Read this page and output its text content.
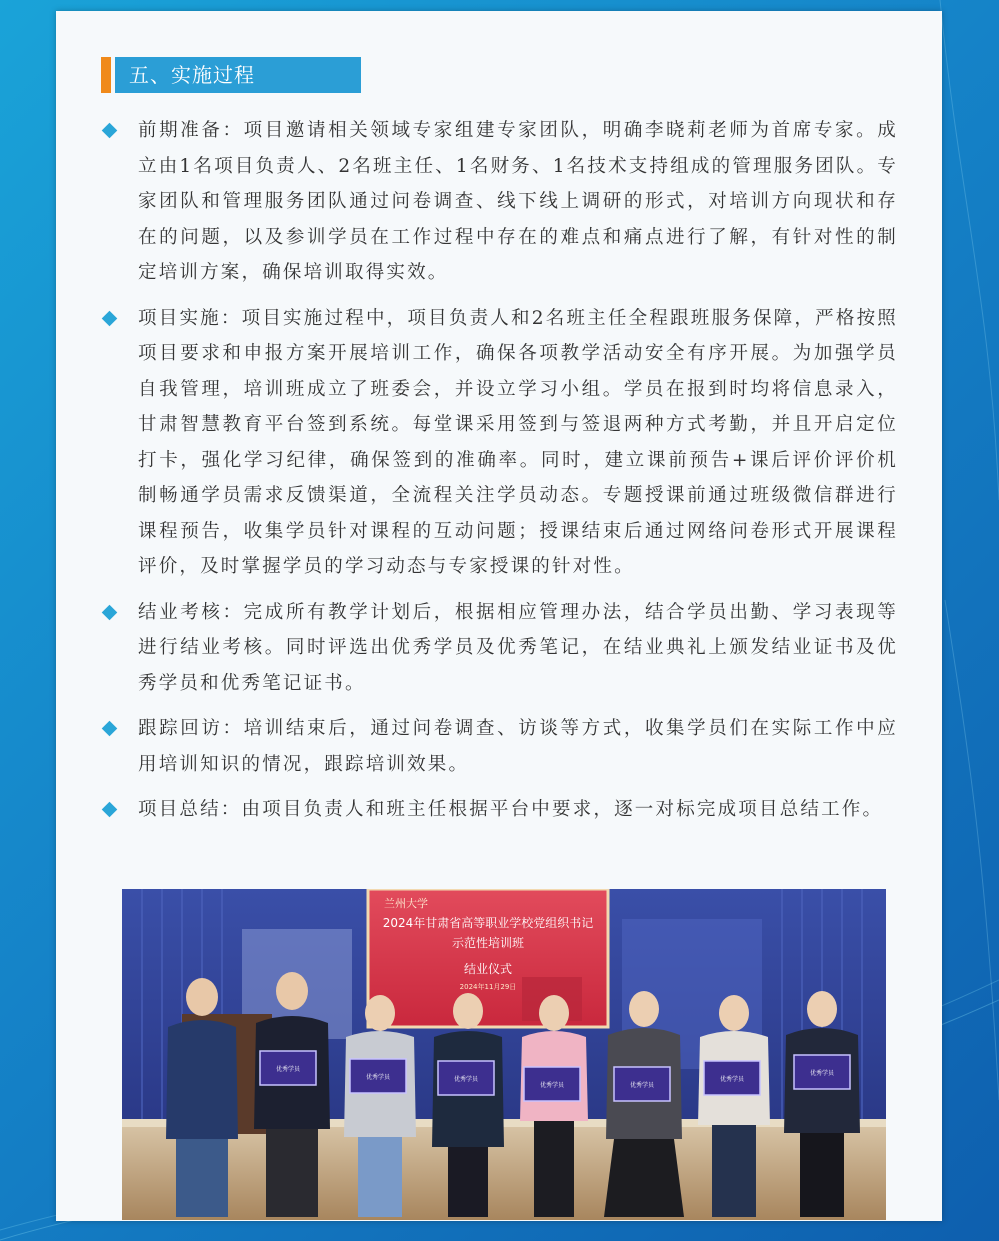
五、实施过程
前期准备：项目邀请相关领域专家组建专家团队，明确李晓莉老师为首席专家。成立由1名项目负责人、2名班主任、1名财务、1名技术支持组成的管理服务团队。专家团队和管理服务团队通过问卷调查、线下线上调研的形式，对培训方向现状和存在的问题，以及参训学员在工作过程中存在的难点和痛点进行了解，有针对性的制定培训方案，确保培训取得实效。
项目实施：项目实施过程中，项目负责人和2名班主任全程跟班服务保障，严格按照项目要求和申报方案开展培训工作，确保各项教学活动安全有序开展。为加强学员自我管理，培训班成立了班委会，并设立学习小组。学员在报到时均将信息录入，甘肃智慧教育平台签到系统。每堂课采用签到与签退两种方式考勤，并且开启定位打卡，强化学习纪律，确保签到的准确率。同时，建立课前预告+课后评价评价机制畅通学员需求反馈渠道，全流程关注学员动态。专题授课前通过班级微信群进行课程预告，收集学员针对课程的互动问题；授课结束后通过网络问卷形式开展课程评价，及时掌握学员的学习动态与专家授课的针对性。
结业考核：完成所有教学计划后，根据相应管理办法，结合学员出勤、学习表现等进行结业考核。同时评选出优秀学员及优秀笔记，在结业典礼上颁发结业证书及优秀学员和优秀笔记证书。
跟踪回访：培训结束后，通过问卷调查、访谈等方式，收集学员们在实际工作中应用培训知识的情况，跟踪培训效果。
项目总结：由项目负责人和班主任根据平台中要求，逐一对标完成项目总结工作。
兰州大学
2024年甘肃省高等职业学校党组织书记
示范性培训班
结业仪式
2024年11月29日
优秀学员
优秀学员	优秀学员
优秀学员	优秀学员
优秀学员
优秀学员
